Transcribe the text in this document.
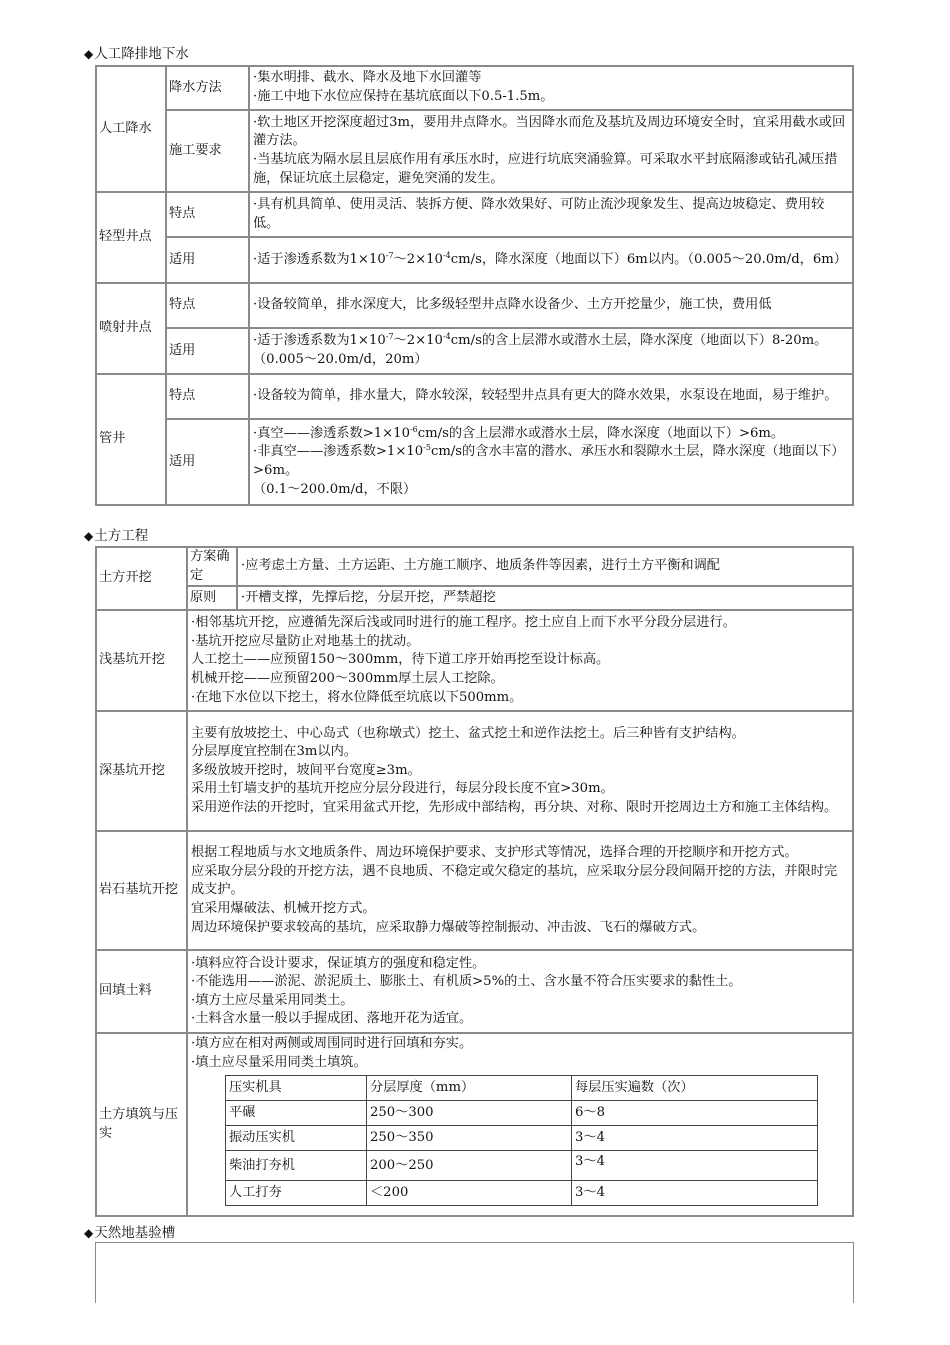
◆人工降排地下水
人工降水	降水方法	·集水明排、截水、降水及地下水回灌等
·施工中地下水位应保持在基坑底面以下0.5-1.5m。

	施工要求	·软土地区开挖深度超过3m，要用井点降水。当因降水而危及基坑及周边环境安全时，宜采用截水或回灌方法。
·当基坑底为隔水层且层底作用有承压水时，应进行坑底突涌验算。可采取水平封底隔渗或钻孔减压措施，保证坑底土层稳定，避免突涌的发生。

轻型井点	特点	·具有机具简单、使用灵活、装拆方便、降水效果好、可防止流沙现象发生、提高边坡稳定、费用较低。

	适用	·适于渗透系数为$1\times 10^{-7}\sim 2\times 10^{-4}cm/s$，降水深度（地面以下）6m以内。（0.005～20.0m/d，6m）

喷射井点	特点	·设备较简单，排水深度大，比多级轻型井点降水设备少、土方开挖量少，施工快，费用低

	适用	·适于渗透系数为$1\times 10^{-7}\sim 2\times 10^{-4}cm/s$的含上层滞水或潜水土层，降水深度（地面以下）8-20m。（0.005～20.0m/d，20m）

管井	特点	·设备较为简单，排水量大，降水较深，较轻型井点具有更大的降水效果，水泵设在地面，易于维护。

	适用	·真空——渗透系数$>1\times 10^{-6}cm/s$的含上层滞水或潜水土层，降水深度（地面以下）>6m。
·非真空——渗透系数$>1\times 10^{-5}cm/s$的含水丰富的潜水、承压水和裂隙水土层，降水深度（地面以下）>6m。
（0.1～200.0m/d，不限）
◆土方工程
土方开挖	方案确定	·应考虑土方量、土方运距、土方施工顺序、地质条件等因素，进行土方平衡和调配
原则	·开槽支撑，先撑后挖，分层开挖，严禁超挖
浅基坑开挖	
·相邻基坑开挖，应遵循先深后浅或同时进行的施工程序。挖土应自上而下水平分段分层进行。
·基坑开挖应尽量防止对地基土的扰动。
人工挖土——应预留150～300mm，待下道工序开始再挖至设计标高。
机械开挖——应预留200～300mm厚土层人工挖除。
·在地下水位以下挖土，将水位降低至坑底以下500mm。

深基坑开挖	
主要有放坡挖土、中心岛式（也称墩式）挖土、盆式挖土和逆作法挖土。后三种皆有支护结构。
分层厚度宜控制在3m以内。
多级放坡开挖时，坡间平台宽度≥3m。
采用土钉墙支护的基坑开挖应分层分段进行，每层分段长度不宜>30m。
采用逆作法的开挖时，宜采用盆式开挖，先形成中部结构，再分块、对称、限时开挖周边土方和施工主体结构。

岩石基坑开挖	
根据工程地质与水文地质条件、周边环境保护要求、支护形式等情况，选择合理的开挖顺序和开挖方式。
应采取分层分段的开挖方法，遇不良地质、不稳定或欠稳定的基坑，应采取分层分段间隔开挖的方法，并限时完成支护。
宜采用爆破法、机械开挖方式。
周边环境保护要求较高的基坑，应采取静力爆破等控制振动、冲击波、飞石的爆破方式。

回填土料	
·填料应符合设计要求，保证填方的强度和稳定性。
·不能选用——淤泥、淤泥质土、膨胀土、有机质>5%的土、含水量不符合压实要求的黏性土。
·填方土应尽量采用同类土。
·土料含水量一般以手握成团、落地开花为适宜。

土方填筑与压实	
·填方应在相对两侧或周围同时进行回填和夯实。
·填土应尽量采用同类土填筑。
压实机具	分层厚度（mm）	每层压实遍数（次）
平碾	250～300	6～8
振动压实机	250～350	3～4
柴油打夯机	200～250	3～4
人工打夯	＜200	3～4
◆天然地基验槽
